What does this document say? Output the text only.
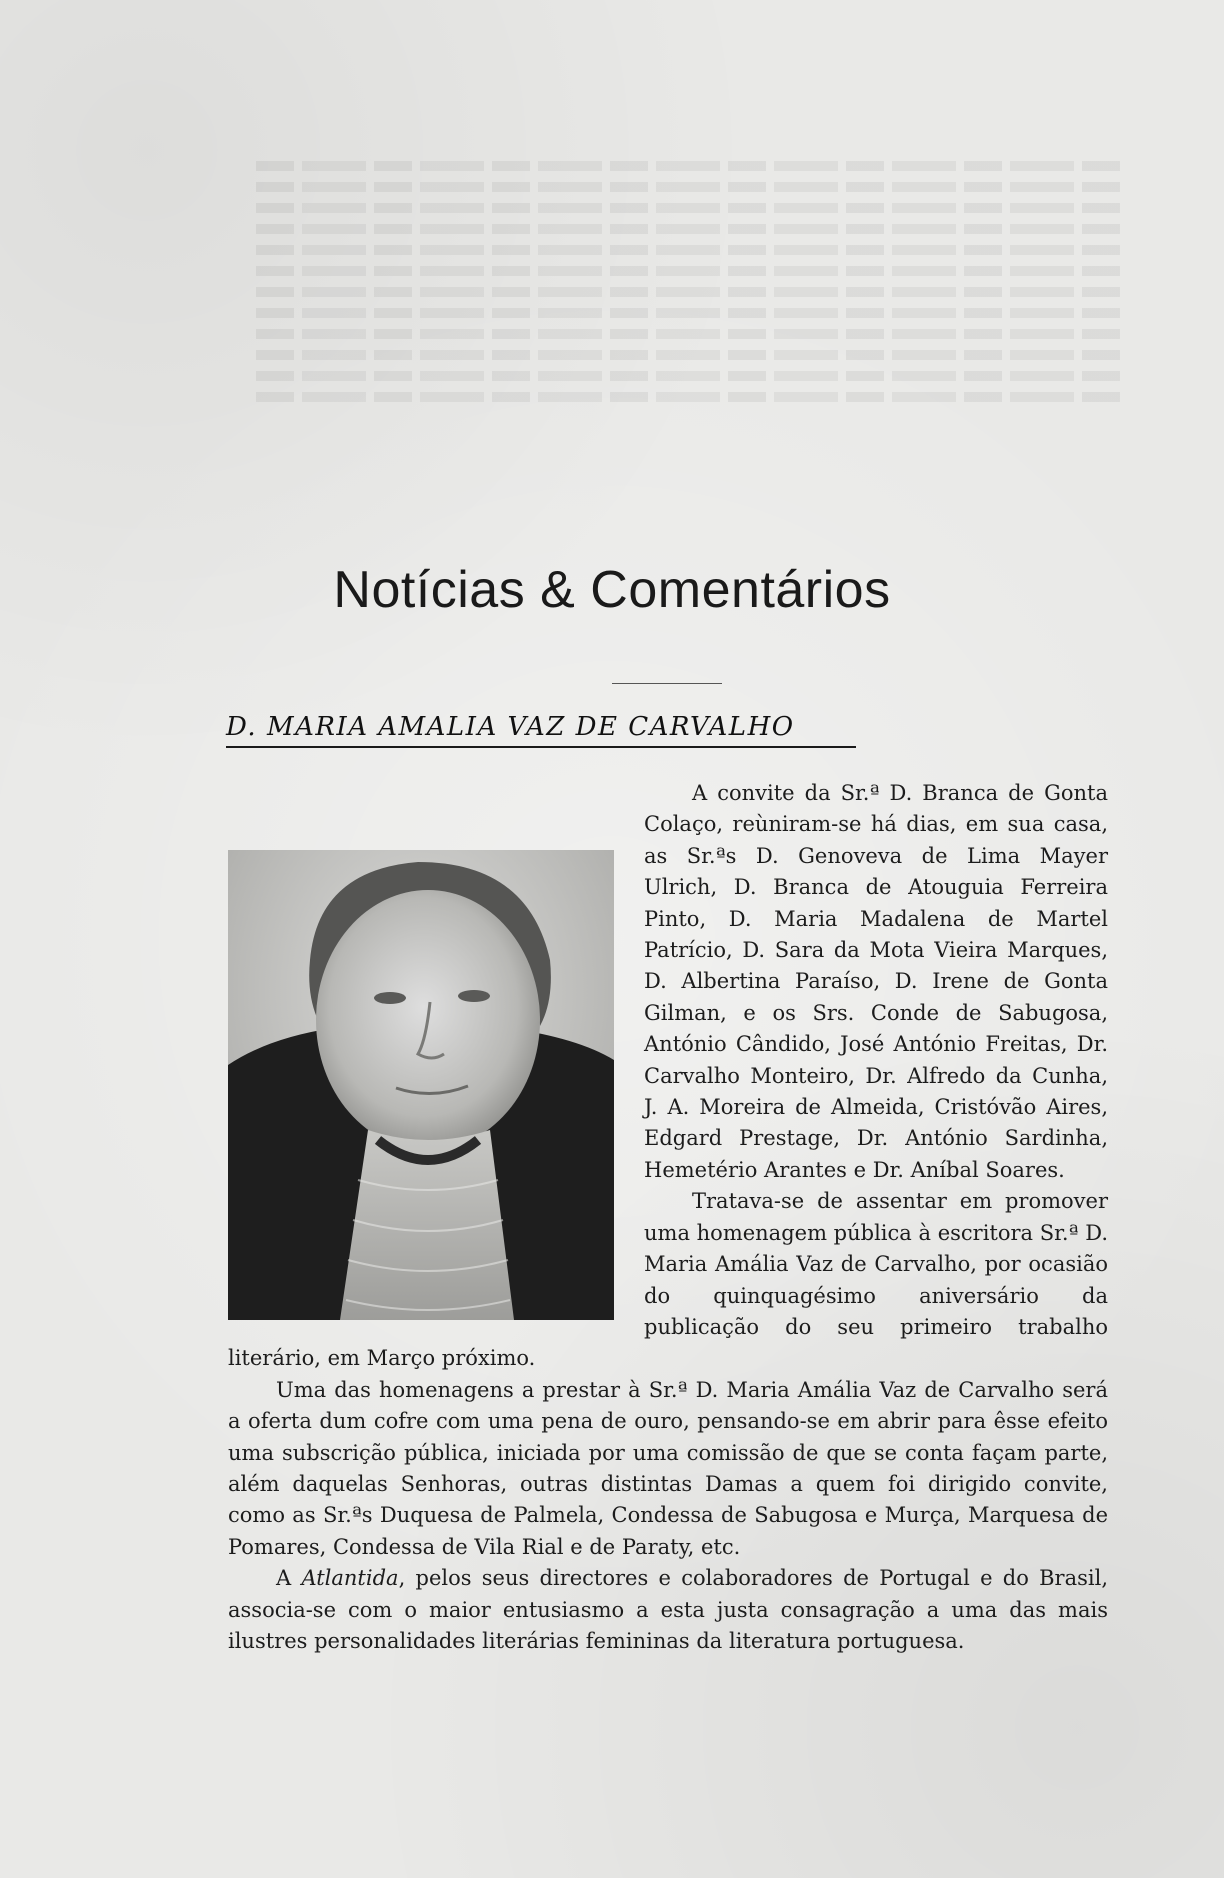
Notícias & Comentários
D. MARIA AMALIA VAZ DE CARVALHO

A convite da Sr.ª D. Branca de Gonta Colaço, reùniram-se há dias, em sua casa, as Sr.ªs D. Genoveva de Lima Mayer Ulrich, D. Branca de Atouguia Ferreira Pinto, D. Maria Madalena de Martel Patrício, D. Sara da Mota Vieira Marques, D. Albertina Paraíso, D. Irene de Gonta Gilman, e os Srs. Conde de Sabugosa, António Cândido, José António Freitas, Dr. Carvalho Monteiro, Dr. Alfredo da Cunha, J. A. Moreira de Almeida, Cristóvão Aires, Edgard Prestage, Dr. António Sardinha, Hemetério Arantes e Dr. Aníbal Soares.

Tratava-se de assentar em promover uma homenagem pública à escritora Sr.ª D. Maria Amália Vaz de Carvalho, por ocasião do quinquagésimo aniversário da publicação do seu primeiro trabalho literário, em Março próximo.

Uma das homenagens a prestar à Sr.ª D. Maria Amália Vaz de Carvalho será a oferta dum cofre com uma pena de ouro, pensando-se em abrir para êsse efeito uma subscrição pública, iniciada por uma comissão de que se conta façam parte, além daquelas Senhoras, outras distintas Damas a quem foi dirigido convite, como as Sr.ªs Duquesa de Palmela, Condessa de Sabugosa e Murça, Marquesa de Pomares, Condessa de Vila Rial e de Paraty, etc.

A Atlantida, pelos seus directores e colaboradores de Portugal e do Brasil, associa-se com o maior entusiasmo a esta justa consagração a uma das mais ilustres personalidades literárias femininas da literatura portuguesa.
